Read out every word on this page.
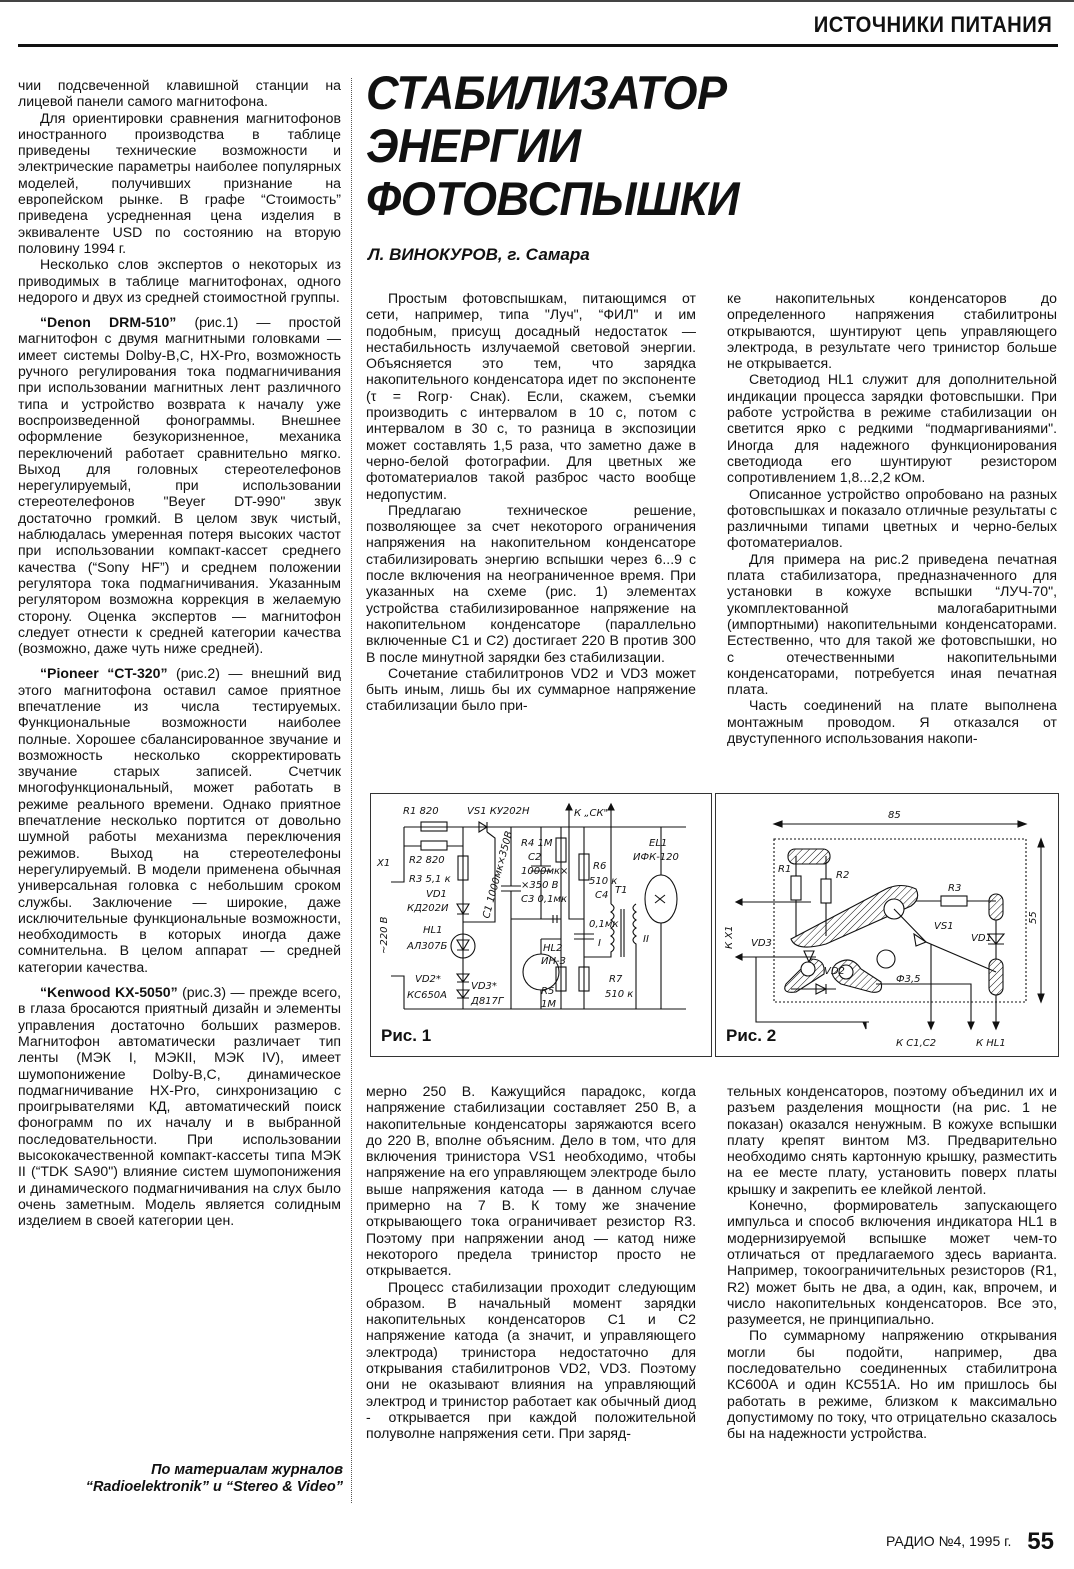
ИСТОЧНИКИ ПИТАНИЯ

чии подсвеченной клавишной станции на лицевой панели самого магнитофона.

Для ориентировки сравнения магнитофонов иностранного производства в таблице приведены технические возможности и электрические параметры наиболее популярных моделей, получивших признание на европейском рынке. В графе “Стоимость” приведена усредненная цена изделия в эквиваленте USD по состоянию на вторую половину 1994 г.

Несколько слов экспертов о некоторых из приводимых в таблице магнитофонах, одного недорого и двух из средней стоимостной группы.

“Denon DRM-510” (рис.1) — простой магнитофон с двумя магнитными головками — имеет системы Dolby-B,C, HX-Pro, возможность ручного регулирования тока подмагничивания при использовании магнитных лент различного типа и устройство возврата к началу уже воспроизведенной фонограммы. Внешнее оформление безукоризненное, механика переключений работает сравнительно мягко. Выход для головных стереотелефонов нерегулируемый, при использовании стереотелефонов "Beyer DT-990" звук достаточно громкий. В целом звук чистый, наблюдалась умеренная потеря высоких частот при использовании компакт-кассет среднего качества (“Sony HF”) и среднем положении регулятора тока подмагничивания. Указанным регулятором возможна коррекция в желаемую сторону. Оценка экспертов — магнитофон следует отнести к средней категории качества (возможно, даже чуть ниже средней).

“Pioneer “CT-320” (рис.2) — внешний вид этого магнитофона оставил самое приятное впечатление из числа тестируемых. Функциональные возможности наиболее полные. Хорошее сбалансированное звучание и возможность несколько скорректировать звучание старых записей. Счетчик многофункциональный, может работать в режиме реального времени. Однако приятное впечатление несколько портится от довольно шумной работы механизма переключения режимов. Выход на стереотелефоны нерегулируемый. В модели применена обычная универсальная головка с небольшим сроком службы. Заключение — широкие, даже исключительные функциональные возможности, необходимость в которых иногда даже сомнительна. В целом аппарат — средней категории качества.

“Kenwood KX-5050” (рис.3) — прежде всего, в глаза бросаются приятный дизайн и элементы управления достаточно больших размеров. Магнитофон автоматически различает тип ленты (МЭК I, МЭКII, МЭК IV), имеет шумопонижение Dolby-B,C, динамическое подмагничивание HX-Pro, синхронизацию с проигрывателями КД, автоматический поиск фонограмм по их началу и в выбранной последовательности. При использовании высококачественной компакт-кассеты типа МЭК II (“TDK SA90") влияние систем шумопонижения и динамического подмагничивания на слух было очень заметным. Модель является солидным изделием в своей категории цен.

По материалам журналов
“Radioelektronik” и “Stereo & Video”
СТАБИЛИЗАТОР
ЭНЕРГИИ
ФОТОВСПЫШКИ
Л. ВИНОКУРОВ, г. Самара

Простым фотовспышкам, питающимся от сети, например, типа "Луч", “ФИЛ" и им подобным, присущ досадный недостаток — нестабильность излучаемой световой энергии. Объясняется это тем, что зарядка накопительного конденсатора идет по экспоненте (τ = Rогр· Cнак). Если, скажем, съемки производить с интервалом в 10 с, потом с интервалом в 30 с, то разница в экспозиции может составлять 1,5 раза, что заметно даже в черно-белой фотографии. Для цветных же фотоматериалов такой разброс часто вообще недопустим.

Предлагаю техническое решение, позволяющее за счет некоторого ограничения напряжения на накопительном конденсаторе стабилизировать энергию вспышки через 6...9 с после включения на неограниченное время. При указанных на схеме (рис. 1) элементах устройства стабилизированное напряжение на накопительном конденсаторе (параллельно включенные C1 и C2) достигает 220 В против 300 В после минутной зарядки без стабилизации.

Сочетание стабилитронов VD2 и VD3 может быть иным, лишь бы их суммарное напряжение стабилизации было при-

ке накопительных конденсаторов до определенного напряжения стабилитроны открываются, шунтируют цепь управляющего электрода, в результате чего тринистор больше не открывается.

Светодиод HL1 служит для дополнительной индикации процесса зарядки фотовспышки. При работе устройства в режиме стабилизации он светится ярко с редкими “подмаргиваниями". Иногда для надежного функционирования светодиода его шунтируют резистором сопротивлением 1,8...2,2 кОм.

Описанное устройство опробовано на разных фотовспышках и показало отличные результаты с различными типами цветных и черно-белых фотоматериалов.

Для примера на рис.2 приведена печатная плата стабилизатора, предназначенного для установки в кожухе вспышки “ЛУЧ-70", укомплектованной малогабаритными (импортными) накопительными конденсаторами. Естественно, что для такой же фотовспышки, но с отечественными накопительными конденсаторами, потребуется иная печатная плата.

Часть соединений на плате выполнена монтажным проводом. Я отказался от двуступенного использования накопи-

R1 820	VS1 КУ202Н
X1 R2 820
R3 5,1 к
VD1
КД202И
HL1
АЛ307Б
VD2*
КС650А
VD3*
Д817Г
~220 В
C1 1000мк×350В R4 1М
C2
1000мк×
×350 В
C3 0,1мк
HL2
ИН-3
R5
1М
К „СК"
R6
510 к
C4
0,1мк
T1
I	II
EL1
ИФК-120
R7
510 к
Рис. 1
85
55
R1
R2
R3
VS1
VD1
VD2
VD3
Ф3,5
К X1
К C1,C2	К HL1
Рис. 2

мерно 250 В. Кажущийся парадокс, когда напряжение стабилизации составляет 250 В, а накопительные конденсаторы заряжаются всего до 220 В, вполне объясним. Дело в том, что для включения тринистора VS1 необходимо, чтобы напряжение на его управляющем электроде было выше напряжения катода — в данном случае примерно на 7 В. К тому же значение открывающего тока ограничивает резистор R3. Поэтому при напряжении анод — катод ниже некоторого предела тринистор просто не открывается.

Процесс стабилизации проходит следующим образом. В начальный момент зарядки накопительных конденсаторов C1 и C2 напряжение катода (а значит, и управляющего электрода) тринистора недостаточно для открывания стабилитронов VD2, VD3. Поэтому они не оказывают влияния на управляющий электрод и тринистор работает как обычный диод - открывается при каждой положительной полуволне напряжения сети. При заряд-

тельных конденсаторов, поэтому объединил их и разъем разделения мощности (на рис. 1 не показан) оказался ненужным. В кожухе вспышки плату крепят винтом М3. Предварительно необходимо снять картонную крышку, разместить на ее месте плату, установить поверх платы крышку и закрепить ее клейкой лентой.

Конечно, формирователь запускающего импульса и способ включения индикатора HL1 в модернизируемой вспышке может чем-то отличаться от предлагаемого здесь варианта. Например, токоограничительных резисторов (R1, R2) может быть не два, а один, как, впрочем, и число накопительных конденсаторов. Все это, разумеется, не принципиально.

По суммарному напряжению открывания могли бы подойти, например, два последовательно соединенных стабилитрона КС600А и один КС551А. Но им пришлось бы работать в режиме, близком к максимально допустимому по току, что отрицательно сказалось бы на надежности устройства.

РАДИО №4, 1995 г. 55
